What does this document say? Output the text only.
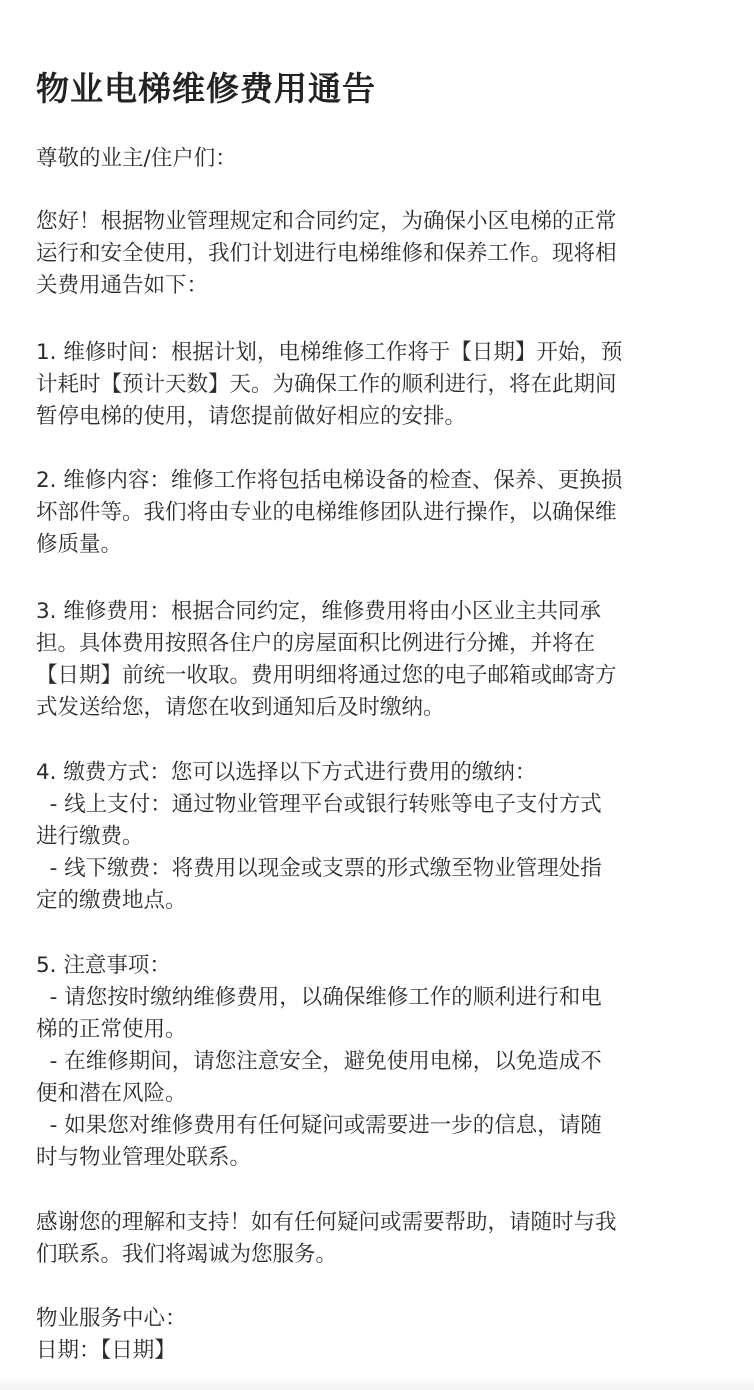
物业电梯维修费用通告

尊敬的业主/住户们：

您好！根据物业管理规定和合同约定，为确保小区电梯的正常

运行和安全使用，我们计划进行电梯维修和保养工作。现将相

关费用通告如下：

1. 维修时间：根据计划，电梯维修工作将于【日期】开始，预

计耗时【预计天数】天。为确保工作的顺利进行，将在此期间

暂停电梯的使用，请您提前做好相应的安排。

2. 维修内容：维修工作将包括电梯设备的检查、保养、更换损

坏部件等。我们将由专业的电梯维修团队进行操作，以确保维

修质量。

3. 维修费用：根据合同约定，维修费用将由小区业主共同承

担。具体费用按照各住户的房屋面积比例进行分摊，并将在

【日期】前统一收取。费用明细将通过您的电子邮箱或邮寄方

式发送给您，请您在收到通知后及时缴纳。

4. 缴费方式：您可以选择以下方式进行费用的缴纳：

- 线上支付：通过物业管理平台或银行转账等电子支付方式

进行缴费。

- 线下缴费：将费用以现金或支票的形式缴至物业管理处指

定的缴费地点。

5. 注意事项：

- 请您按时缴纳维修费用，以确保维修工作的顺利进行和电

梯的正常使用。

- 在维修期间，请您注意安全，避免使用电梯，以免造成不

便和潜在风险。

- 如果您对维修费用有任何疑问或需要进一步的信息，请随

时与物业管理处联系。

感谢您的理解和支持！如有任何疑问或需要帮助，请随时与我

们联系。我们将竭诚为您服务。

物业服务中心：

日期：【日期】
